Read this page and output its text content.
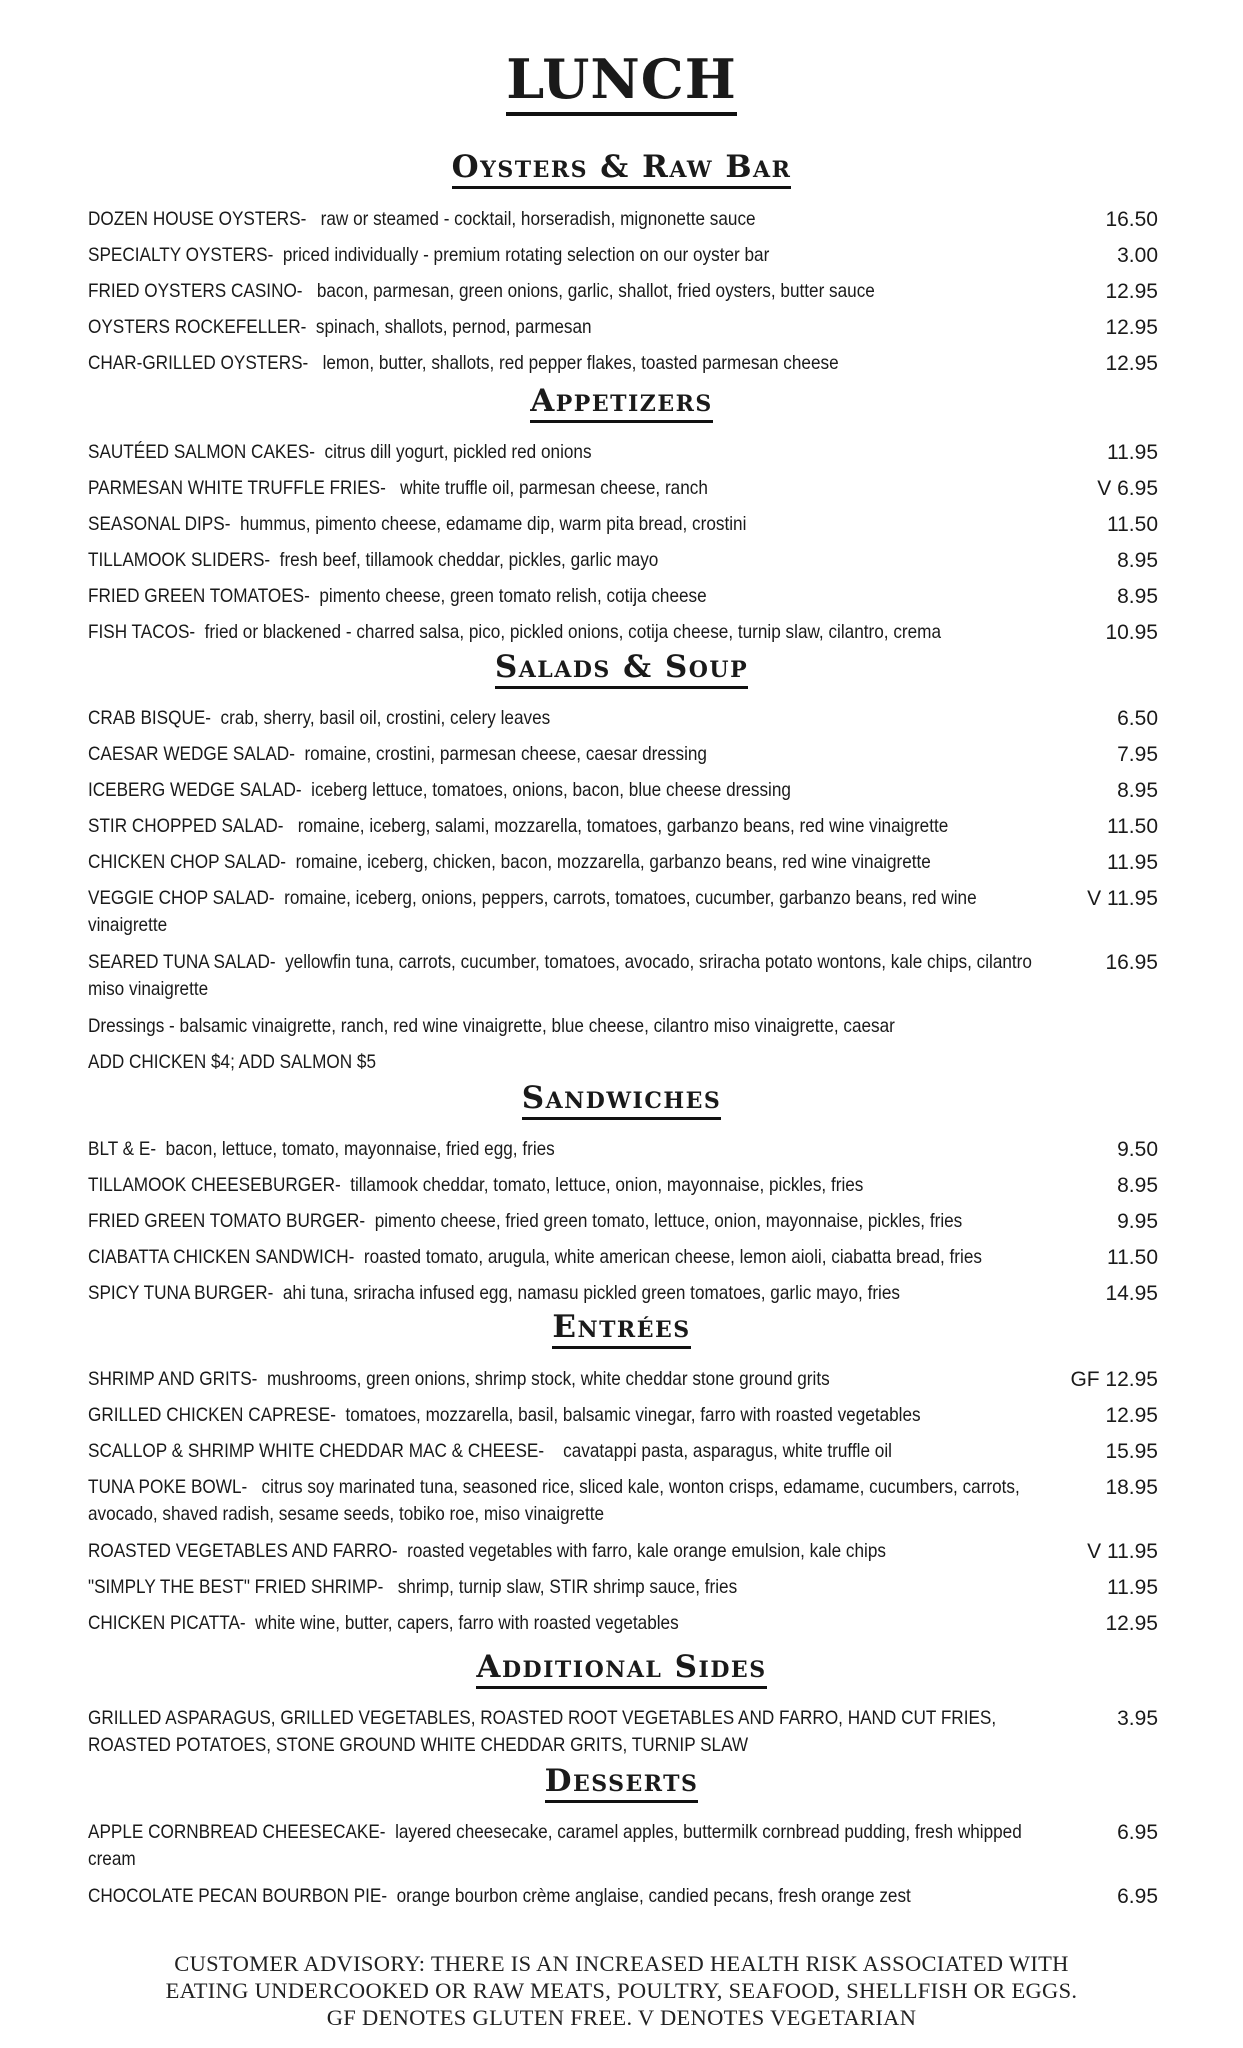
LUNCH
Oysters & Raw Bar
DOZEN HOUSE OYSTERS- raw or steamed - cocktail, horseradish, mignonette sauce	16.50
SPECIALTY OYSTERS- priced individually - premium rotating selection on our oyster bar	3.00
FRIED OYSTERS CASINO- bacon, parmesan, green onions, garlic, shallot, fried oysters, butter sauce	12.95
OYSTERS ROCKEFELLER- spinach, shallots, pernod, parmesan	12.95
CHAR-GRILLED OYSTERS- lemon, butter, shallots, red pepper flakes, toasted parmesan cheese	12.95
Appetizers
SAUTÉED SALMON CAKES- citrus dill yogurt, pickled red onions	11.95
PARMESAN WHITE TRUFFLE FRIES- white truffle oil, parmesan cheese, ranch	V 6.95
SEASONAL DIPS- hummus, pimento cheese, edamame dip, warm pita bread, crostini	11.50
TILLAMOOK SLIDERS- fresh beef, tillamook cheddar, pickles, garlic mayo	8.95
FRIED GREEN TOMATOES- pimento cheese, green tomato relish, cotija cheese	8.95
FISH TACOS- fried or blackened - charred salsa, pico, pickled onions, cotija cheese, turnip slaw, cilantro, crema	10.95
Salads & Soup
CRAB BISQUE- crab, sherry, basil oil, crostini, celery leaves	6.50
CAESAR WEDGE SALAD- romaine, crostini, parmesan cheese, caesar dressing	7.95
ICEBERG WEDGE SALAD- iceberg lettuce, tomatoes, onions, bacon, blue cheese dressing	8.95
STIR CHOPPED SALAD- romaine, iceberg, salami, mozzarella, tomatoes, garbanzo beans, red wine vinaigrette	11.50
CHICKEN CHOP SALAD- romaine, iceberg, chicken, bacon, mozzarella, garbanzo beans, red wine vinaigrette	11.95
VEGGIE CHOP SALAD- romaine, iceberg, onions, peppers, carrots, tomatoes, cucumber, garbanzo beans, red wine vinaigrette
V 11.95
SEARED TUNA SALAD- yellowfin tuna, carrots, cucumber, tomatoes, avocado, sriracha potato wontons, kale chips, cilantro miso vinaigrette
16.95
Dressings - balsamic vinaigrette, ranch, red wine vinaigrette, blue cheese, cilantro miso vinaigrette, caesar
ADD CHICKEN $4; ADD SALMON $5
Sandwiches
BLT & E- bacon, lettuce, tomato, mayonnaise, fried egg, fries	9.50
TILLAMOOK CHEESEBURGER- tillamook cheddar, tomato, lettuce, onion, mayonnaise, pickles, fries	8.95
FRIED GREEN TOMATO BURGER- pimento cheese, fried green tomato, lettuce, onion, mayonnaise, pickles, fries	9.95
CIABATTA CHICKEN SANDWICH- roasted tomato, arugula, white american cheese, lemon aioli, ciabatta bread, fries	11.50
SPICY TUNA BURGER- ahi tuna, sriracha infused egg, namasu pickled green tomatoes, garlic mayo, fries	14.95
Entrées
SHRIMP AND GRITS- mushrooms, green onions, shrimp stock, white cheddar stone ground grits	GF 12.95
GRILLED CHICKEN CAPRESE- tomatoes, mozzarella, basil, balsamic vinegar, farro with roasted vegetables	12.95
SCALLOP & SHRIMP WHITE CHEDDAR MAC & CHEESE- cavatappi pasta, asparagus, white truffle oil	15.95
TUNA POKE BOWL- citrus soy marinated tuna, seasoned rice, sliced kale, wonton crisps, edamame, cucumbers, carrots, avocado, shaved radish, sesame seeds, tobiko roe, miso vinaigrette
18.95
ROASTED VEGETABLES AND FARRO- roasted vegetables with farro, kale orange emulsion, kale chips	V 11.95
"SIMPLY THE BEST" FRIED SHRIMP- shrimp, turnip slaw, STIR shrimp sauce, fries	11.95
CHICKEN PICATTA- white wine, butter, capers, farro with roasted vegetables	12.95
Additional Sides
GRILLED ASPARAGUS, GRILLED VEGETABLES, ROASTED ROOT VEGETABLES AND FARRO, HAND CUT FRIES, ROASTED POTATOES, STONE GROUND WHITE CHEDDAR GRITS, TURNIP SLAW
3.95
Desserts
APPLE CORNBREAD CHEESECAKE- layered cheesecake, caramel apples, buttermilk cornbread pudding, fresh whipped cream
6.95
CHOCOLATE PECAN BOURBON PIE- orange bourbon crème anglaise, candied pecans, fresh orange zest	6.95
CUSTOMER ADVISORY: THERE IS AN INCREASED HEALTH RISK ASSOCIATED WITH
EATING UNDERCOOKED OR RAW MEATS, POULTRY, SEAFOOD, SHELLFISH OR EGGS.
GF DENOTES GLUTEN FREE. V DENOTES VEGETARIAN
